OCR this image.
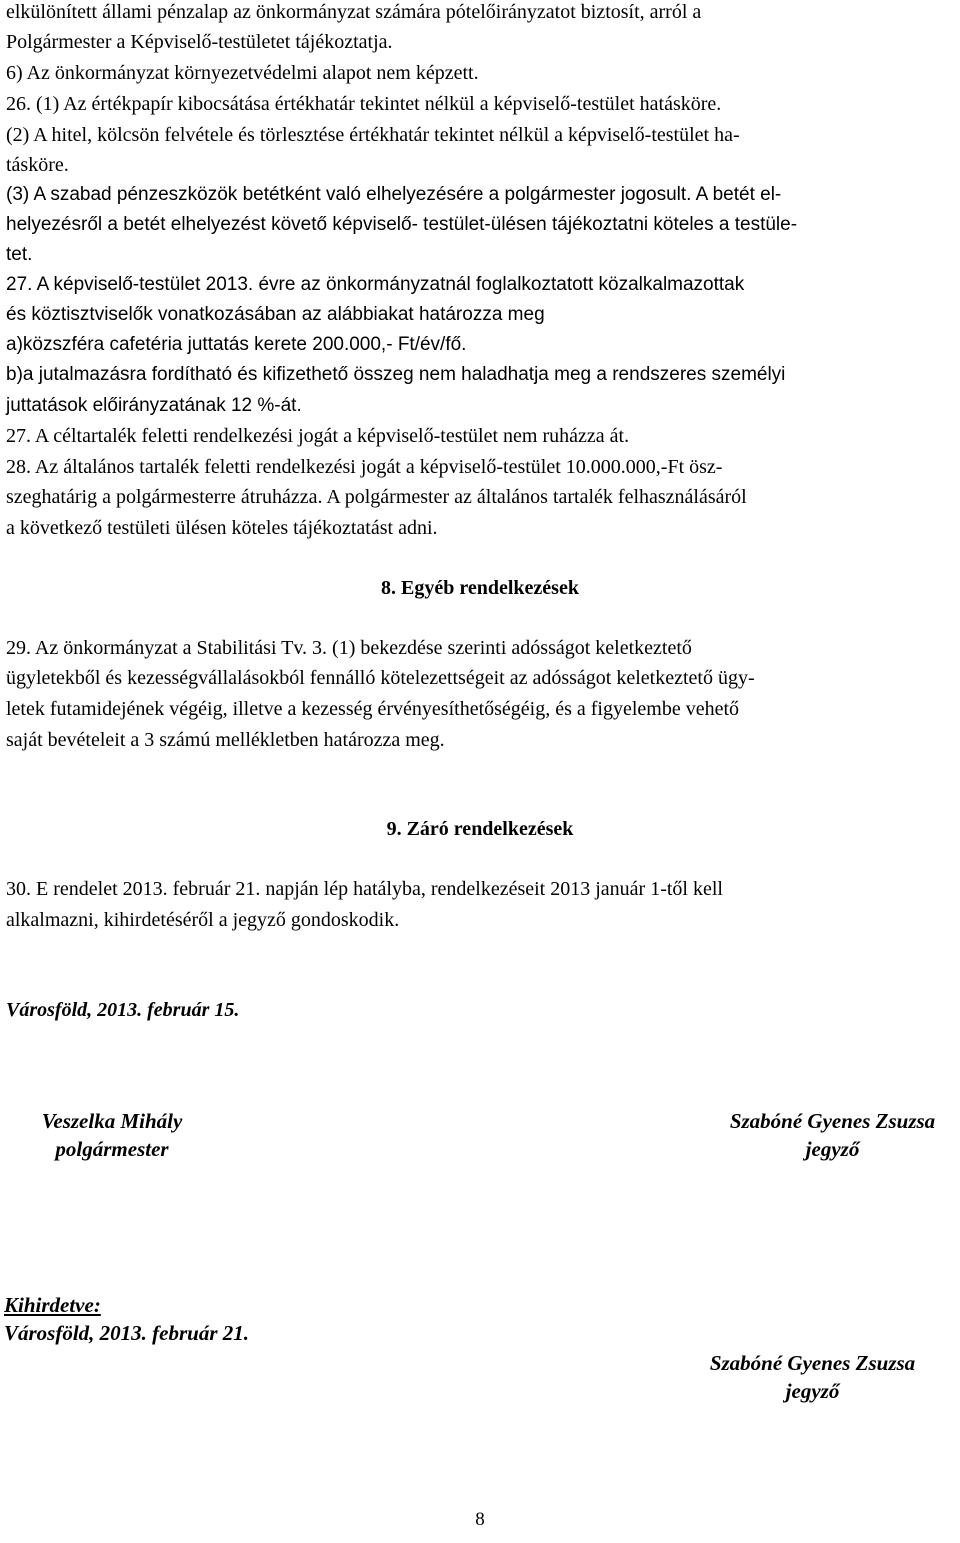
elkülönített állami pénzalap az önkormányzat számára pótelőirányzatot biztosít, arról a
Polgármester a Képviselő-testületet tájékoztatja.
6) Az önkormányzat környezetvédelmi alapot nem képzett.
26. (1) Az értékpapír kibocsátása értékhatár tekintet nélkül a képviselő-testület hatásköre.
(2) A hitel, kölcsön felvétele és törlesztése értékhatár tekintet nélkül a képviselő-testület ha-
tásköre.
(3) A szabad pénzeszközök betétként való elhelyezésére a polgármester jogosult. A betét el-
helyezésről a betét elhelyezést követő képviselő- testület-ülésen tájékoztatni köteles a testüle-
tet.
27. A képviselő-testület 2013. évre az önkormányzatnál foglalkoztatott közalkalmazottak
és köztisztviselők vonatkozásában az alábbiakat határozza meg
a)közszféra cafetéria juttatás kerete 200.000,- Ft/év/fő.
b)a jutalmazásra fordítható és kifizethető összeg nem haladhatja meg a rendszeres személyi
juttatások előirányzatának 12 %-át.
27. A céltartalék feletti rendelkezési jogát a képviselő-testület nem ruházza át.
28. Az általános tartalék feletti rendelkezési jogát a képviselő-testület 10.000.000,-Ft ösz-
szeghatárig a polgármesterre átruházza. A polgármester az általános tartalék felhasználásáról
a következő testületi ülésen köteles tájékoztatást adni.
8. Egyéb rendelkezések
29. Az önkormányzat a Stabilitási Tv. 3. (1) bekezdése szerinti adósságot keletkeztető
ügyletekből és kezességvállalásokból fennálló kötelezettségeit az adósságot keletkeztető ügy-
letek futamidejének végéig, illetve a kezesség érvényesíthetőségéig, és a figyelembe vehető
saját bevételeit a 3 számú mellékletben határozza meg.
9. Záró rendelkezések
30. E rendelet 2013. február 21. napján lép hatályba, rendelkezéseit 2013 január 1-től kell
alkalmazni, kihirdetéséről a jegyző gondoskodik.
Városföld, 2013. február 15.
Veszelka Mihály
polgármester
Szabóné Gyenes Zsuzsa
jegyző
Kihirdetve:
Városföld, 2013. február 21.
Szabóné Gyenes Zsuzsa
jegyző
8
